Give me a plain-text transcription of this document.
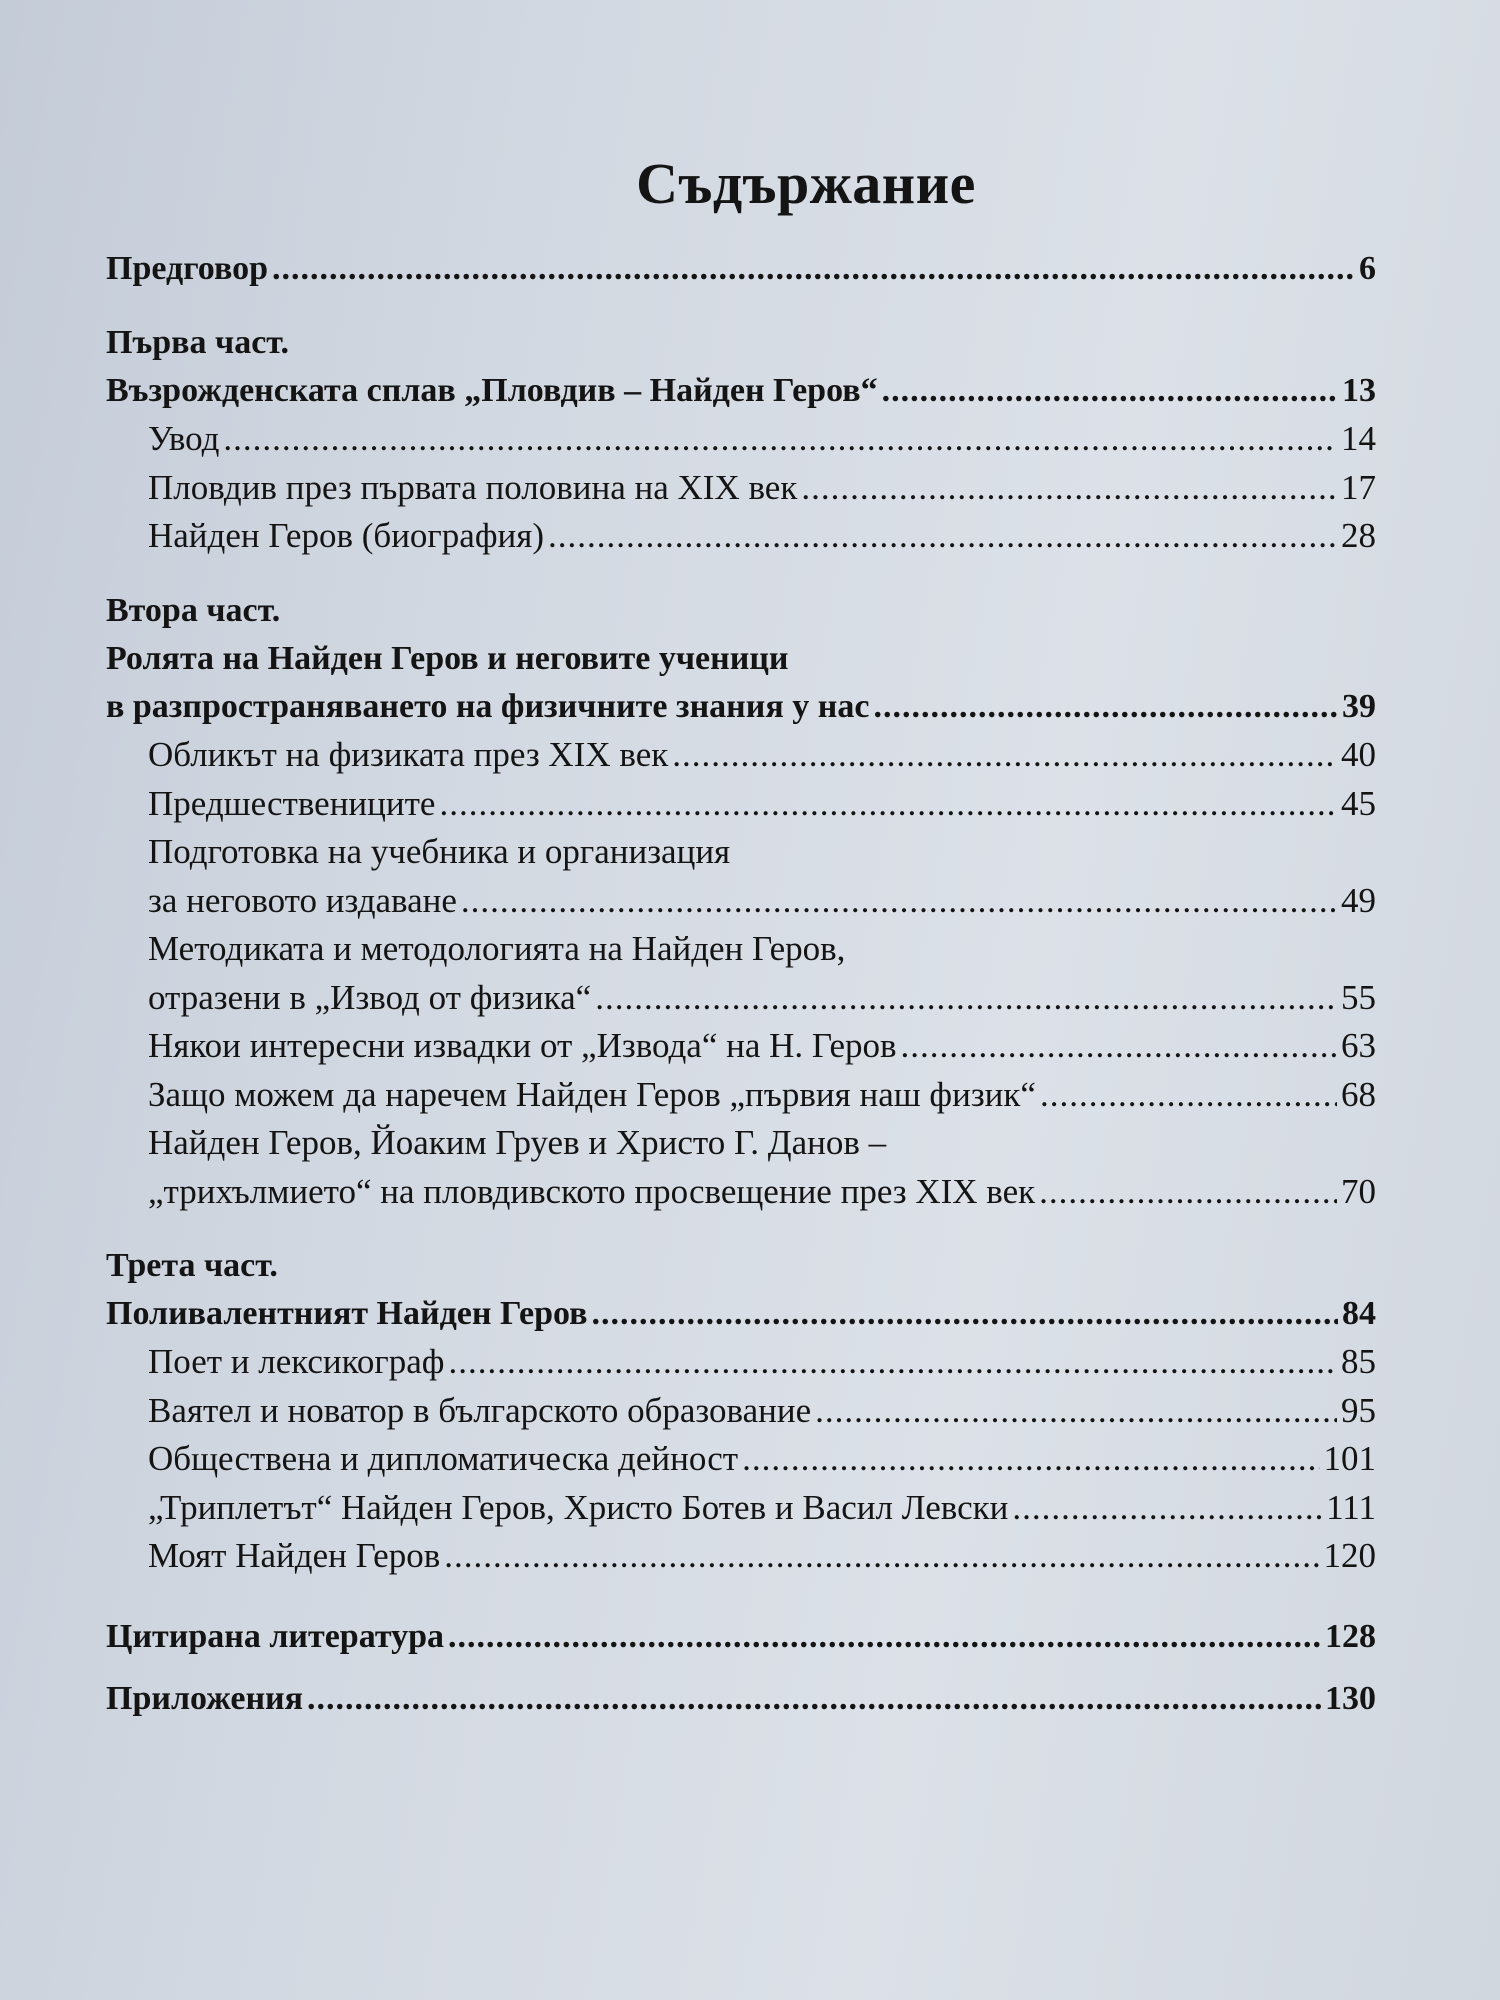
Съдържание
Предговор .....	6
Първа част.
Възрожденската сплав „Пловдив – Найден Геров“ .....	13
Увод .....	14
Пловдив през първата половина на XIX век .....	17
Найден Геров (биография) .....	28
Втора част.
Ролята на Найден Геров и неговите ученици
в разпространяването на физичните знания у нас .....	39
Обликът на физиката през XIX век .....	40
Предшествениците .....	45
Подготовка на учебника и организация
за неговото издаване .....	49
Методиката и методологията на Найден Геров,
отразени в „Извод от физика“ .....	55
Някои интересни извадки от „Извода“ на Н. Геров .....	63
Защо можем да наречем Найден Геров „първия наш физик“ .....	68
Найден Геров, Йоаким Груев и Христо Г. Данов –
„трихълмието“ на пловдивското просвещение през XIX век .....	70
Трета част.
Поливалентният Найден Геров .....	84
Поет и лексикограф .....	85
Ваятел и новатор в българското образование .....	95
Обществена и дипломатическа дейност .....	101
„Триплетът“ Найден Геров, Христо Ботев и Васил Левски .....	111
Моят Найден Геров .....	120
Цитирана литература .....	128
Приложения .....	130
